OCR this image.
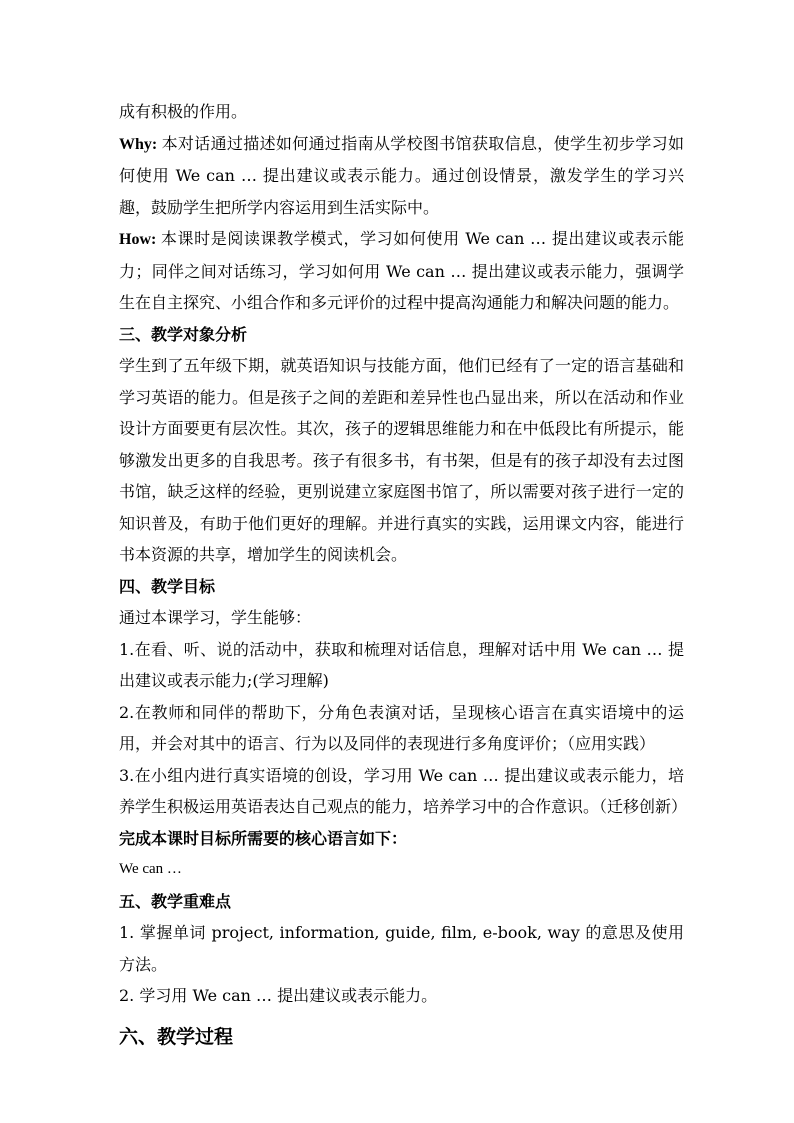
成有积极的作用。

Why: 本对话通过描述如何通过指南从学校图书馆获取信息，使学生初步学习如何使用 We can … 提出建议或表示能力。通过创设情景，激发学生的学习兴趣，鼓励学生把所学内容运用到生活实际中。

How: 本课时是阅读课教学模式，学习如何使用 We can … 提出建议或表示能力；同伴之间对话练习，学习如何用 We can … 提出建议或表示能力，强调学生在自主探究、小组合作和多元评价的过程中提高沟通能力和解决问题的能力。

三、教学对象分析

学生到了五年级下期，就英语知识与技能方面，他们已经有了一定的语言基础和学习英语的能力。但是孩子之间的差距和差异性也凸显出来，所以在活动和作业设计方面要更有层次性。其次，孩子的逻辑思维能力和在中低段比有所提示，能够激发出更多的自我思考。孩子有很多书，有书架，但是有的孩子却没有去过图书馆，缺乏这样的经验，更别说建立家庭图书馆了，所以需要对孩子进行一定的知识普及，有助于他们更好的理解。并进行真实的实践，运用课文内容，能进行书本资源的共享，增加学生的阅读机会。

四、教学目标

通过本课学习，学生能够：

1.在看、听、说的活动中，获取和梳理对话信息，理解对话中用 We can … 提出建议或表示能力;(学习理解)

2.在教师和同伴的帮助下，分角色表演对话，呈现核心语言在真实语境中的运用，并会对其中的语言、行为以及同伴的表现进行多角度评价；（应用实践）

3.在小组内进行真实语境的创设，学习用 We can … 提出建议或表示能力，培养学生积极运用英语表达自己观点的能力，培养学习中的合作意识。（迁移创新）

完成本课时目标所需要的核心语言如下：

We can …

五、教学重难点

1. 掌握单词 project, information, guide, film, e-book, way 的意思及使用方法。

2. 学习用 We can … 提出建议或表示能力。

六、教学过程
